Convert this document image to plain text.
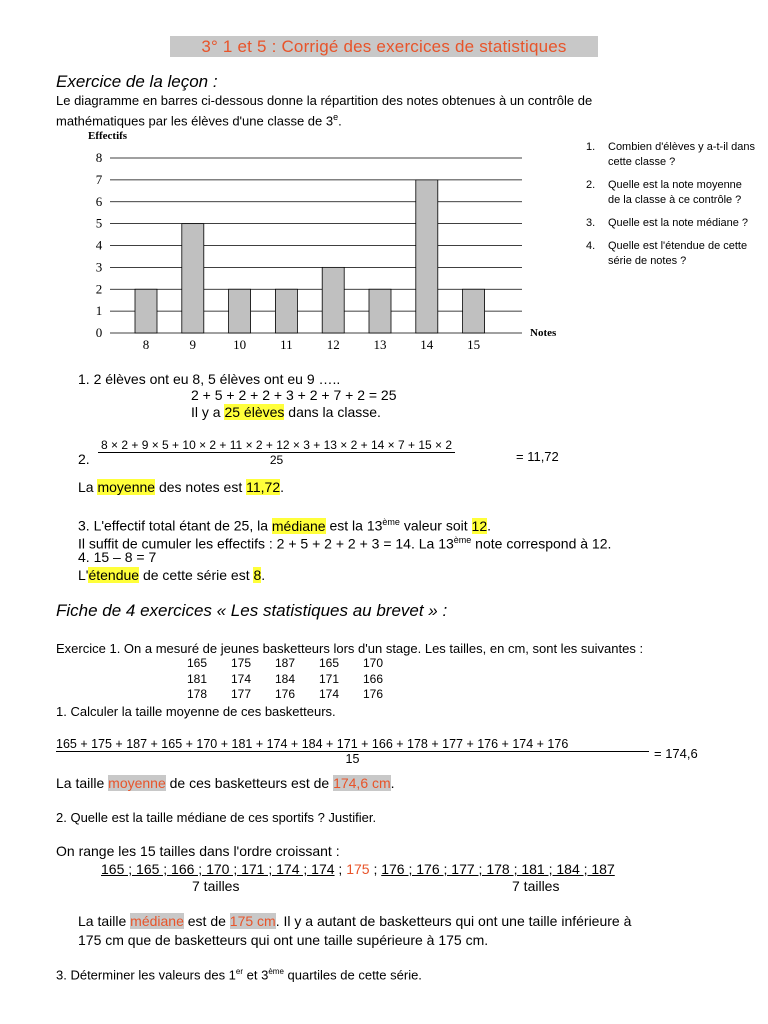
3° 1 et 5 : Corrigé des exercices de statistiques
Exercice de la leçon :
Le diagramme en barres ci-dessous donne la répartition des notes obtenues à un contrôle de
mathématiques par les élèves d'une classe de 3e.
Effectifs
Notes
0
1
2
3
4
5
6
7
8
8	9	10	11	12	13	14	15
1.	Combien d'élèves y a-t-il dans cette classe ?
2.	Quelle est la note moyenne de la classe à ce contrôle ?
3.	Quelle est la note médiane ?
4.	Quelle est l'étendue de cette série de notes ?
1. 2 élèves ont eu 8, 5 élèves ont eu 9 …..
2 + 5 + 2 + 2 + 3 + 2 + 7 + 2 = 25
Il y a 25 élèves dans la classe.
2.
8 × 2 + 9 × 5 + 10 × 2 + 11 × 2 + 12 × 3 + 13 × 2 + 14 × 7 + 15 × 2
25	= 11,72
La moyenne des notes est 11,72.
3. L'effectif total étant de 25, la médiane est la 13ème valeur soit 12.
Il suffit de cumuler les effectifs : 2 + 5 + 2 + 2 + 3 = 14. La 13ème note correspond à 12.
4. 15 – 8 = 7
L'étendue de cette série est 8.
Fiche de 4 exercices « Les statistiques au brevet » :
Exercice 1. On a mesuré de jeunes basketteurs lors d'un stage. Les tailles, en cm, sont les suivantes :
165	175	187	165	170
181	174	184	171	166
178	177	176	174	176
1. Calculer la taille moyenne de ces basketteurs.
165 + 175 + 187 + 165 + 170 + 181 + 174 + 184 + 171 + 166 + 178 + 177 + 176 + 174 + 176
15	= 174,6
La taille moyenne de ces basketteurs est de 174,6 cm.
2. Quelle est la taille médiane de ces sportifs ? Justifier.
On range les 15 tailles dans l'ordre croissant :
165 ; 165 ; 166 ; 170 ; 171 ; 174 ; 174 ; 175 ; 176 ; 176 ; 177 ; 178 ; 181 ; 184 ; 187
7 tailles	7 tailles
La taille médiane est de 175 cm. Il y a autant de basketteurs qui ont une taille inférieure à
175 cm que de basketteurs qui ont une taille supérieure à 175 cm.
3. Déterminer les valeurs des 1er et 3ème quartiles de cette série.
